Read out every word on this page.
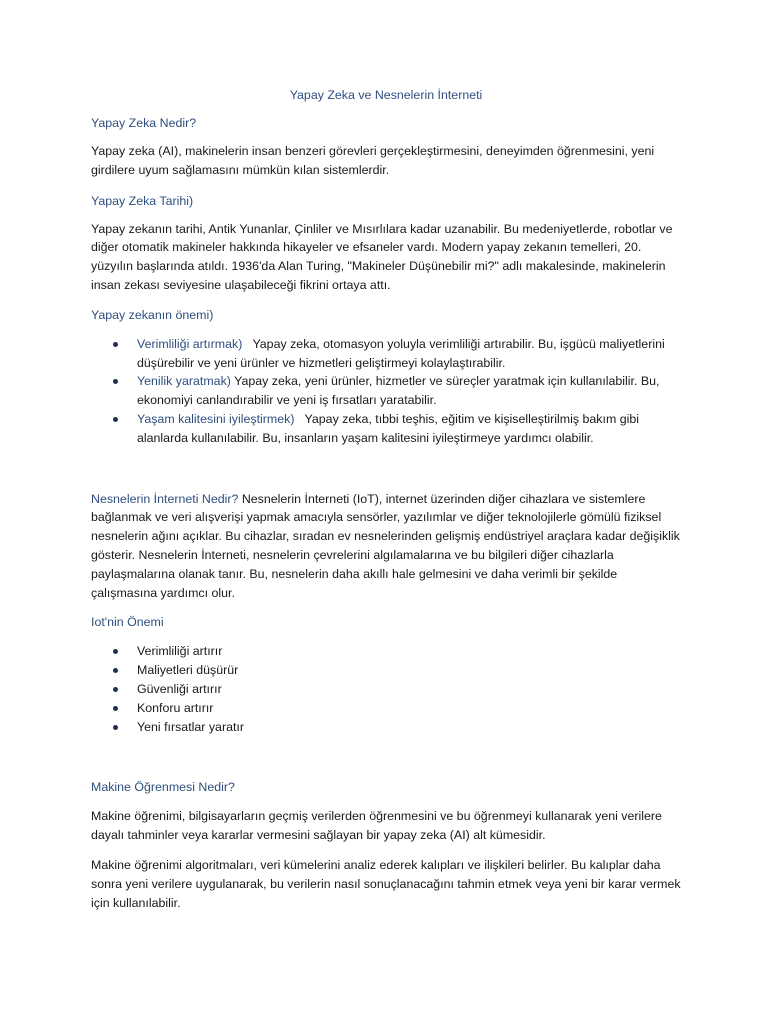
Yapay Zeka ve Nesnelerin İnterneti
Yapay Zeka Nedir?

Yapay zeka (AI), makinelerin insan benzeri görevleri gerçekleştirmesini, deneyimden öğrenmesini, yeni girdilere uyum sağlamasını mümkün kılan sistemlerdir.

Yapay Zeka Tarihi)

Yapay zekanın tarihi, Antik Yunanlar, Çinliler ve Mısırlılara kadar uzanabilir. Bu medeniyetlerde, robotlar ve diğer otomatik makineler hakkında hikayeler ve efsaneler vardı. Modern yapay zekanın temelleri, 20. yüzyılın başlarında atıldı. 1936'da Alan Turing, "Makineler Düşünebilir mi?" adlı makalesinde, makinelerin insan zekası seviyesine ulaşabileceği fikrini ortaya attı.

Yapay zekanın önemi)
Verimliliği artırmak)   Yapay zeka, otomasyon yoluyla verimliliği artırabilir. Bu, işgücü maliyetlerini düşürebilir ve yeni ürünler ve hizmetleri geliştirmeyi kolaylaştırabilir.
Yenilik yaratmak) Yapay zeka, yeni ürünler, hizmetler ve süreçler yaratmak için kullanılabilir. Bu, ekonomiyi canlandırabilir ve yeni iş fırsatları yaratabilir.
Yaşam kalitesini iyileştirmek)   Yapay zeka, tıbbi teşhis, eğitim ve kişiselleştirilmiş bakım gibi alanlarda kullanılabilir. Bu, insanların yaşam kalitesini iyileştirmeye yardımcı olabilir.

Nesnelerin İnterneti Nedir? Nesnelerin İnterneti (IoT), internet üzerinden diğer cihazlara ve sistemlere bağlanmak ve veri alışverişi yapmak amacıyla sensörler, yazılımlar ve diğer teknolojilerle gömülü fiziksel nesnelerin ağını açıklar. Bu cihazlar, sıradan ev nesnelerinden gelişmiş endüstriyel araçlara kadar değişiklik gösterir. Nesnelerin İnterneti, nesnelerin çevrelerini algılamalarına ve bu bilgileri diğer cihazlarla paylaşmalarına olanak tanır. Bu, nesnelerin daha akıllı hale gelmesini ve daha verimli bir şekilde çalışmasına yardımcı olur.

Iot'nin Önemi
Verimliliği artırır
Maliyetleri düşürür
Güvenliği artırır
Konforu artırır
Yeni fırsatlar yaratır
Makine Öğrenmesi Nedir?

Makine öğrenimi, bilgisayarların geçmiş verilerden öğrenmesini ve bu öğrenmeyi kullanarak yeni verilere dayalı tahminler veya kararlar vermesini sağlayan bir yapay zeka (AI) alt kümesidir.

Makine öğrenimi algoritmaları, veri kümelerini analiz ederek kalıpları ve ilişkileri belirler. Bu kalıplar daha sonra yeni verilere uygulanarak, bu verilerin nasıl sonuçlanacağını tahmin etmek veya yeni bir karar vermek için kullanılabilir.
